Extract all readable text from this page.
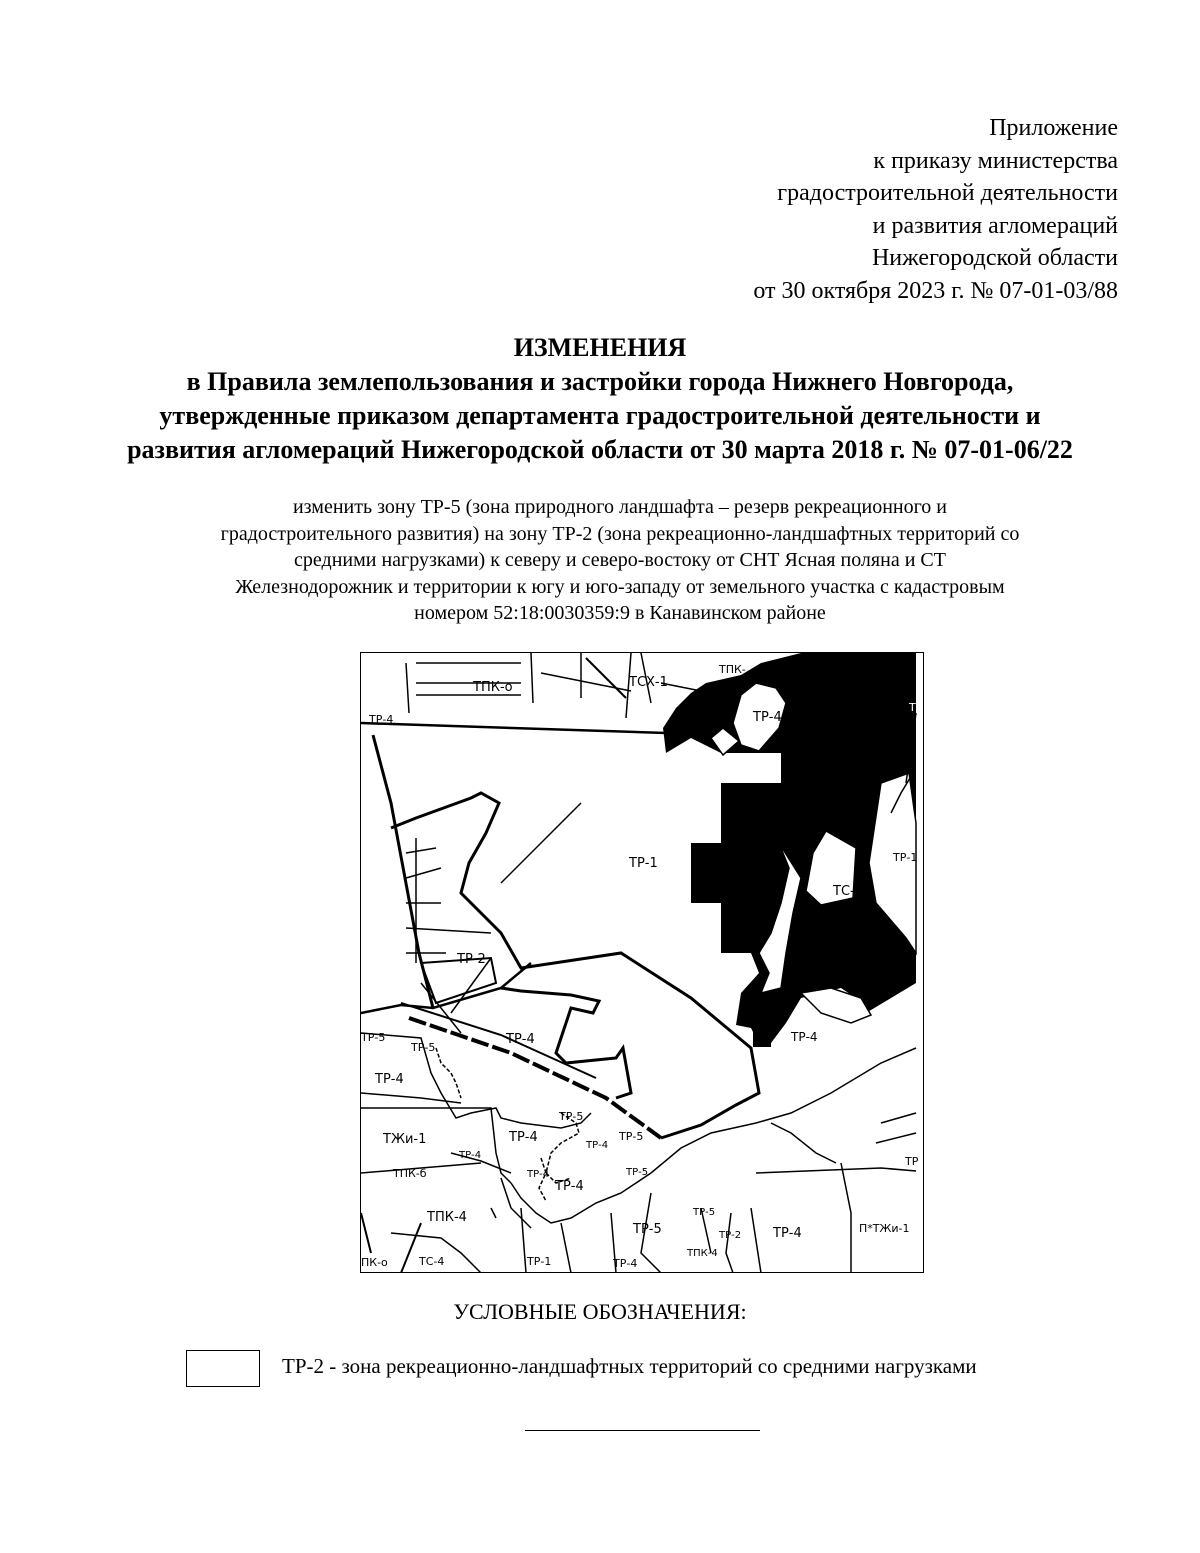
Приложение
к приказу министерства
градостроительной деятельности
и развития агломераций
Нижегородской области
от 30 октября 2023 г. № 07-01-03/88
ИЗМЕНЕНИЯ
в Правила землепользования и застройки города Нижнего Новгорода,
утвержденные приказом департамента градостроительной деятельности и
развития агломераций Нижегородской области от 30 марта 2018 г. № 07-01-06/22
изменить зону ТР-5 (зона природного ландшафта – резерв рекреационного и
градостроительного развития) на зону ТР-2 (зона рекреационно-ландшафтных территорий со
средними нагрузками) к северу и северо-востоку от СНТ Ясная поляна и СТ
Железнодорожник и территории к югу и юго-западу от земельного участка с кадастровым
номером 52:18:0030359:9 в Канавинском районе
ТПК-о	ТСХ-1
ТПК-
ТР-4	ТР-4
ТР
ТР-1	ТР-1
ТС-3
ТР-2
ТР-4	ТР-4
ТР-5
ТР-5
ТР-4
ТЖи-1	ТР-4
ТР-5
ТР-4
ТР-5
ТР-4
ТПК-б	ТР-4	ТР-5
ТР-4
ТПК-4
ТР-5
ТР-5
ТР-2 ТР-4	П*ТЖи-1
ТР
ПК-о	ТС-4	ТР-1	ТР-4
ТПК-4
УСЛОВНЫЕ ОБОЗНАЧЕНИЯ:
ТР-2 - зона рекреационно-ландшафтных территорий со средними нагрузками
